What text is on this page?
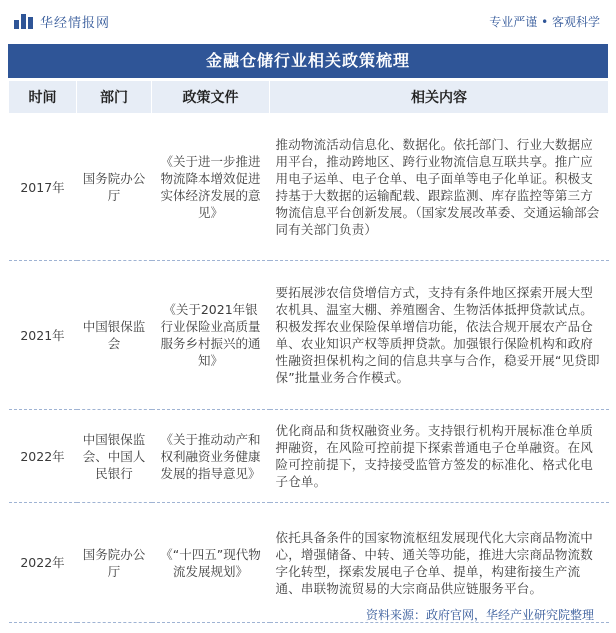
华经情报网	专业严谨 • 客观科学
金融仓储行业相关政策梳理
时间	部门	政策文件	相关内容
2017年	国务院办公厅	《关于进一步推进物流降本增效促进实体经济发展的意见》	推动物流活动信息化、数据化。依托部门、行业大数据应用平台，推动跨地区、跨行业物流信息互联共享。推广应用电子运单、电子仓单、电子面单等电子化单证。积极支持基于大数据的运输配载、跟踪监测、库存监控等第三方物流信息平台创新发展。（国家发展改革委、交通运输部会同有关部门负责）
2021年	中国银保监会	《关于2021年银行业保险业高质量服务乡村振兴的通知》	要拓展涉农信贷增信方式，支持有条件地区探索开展大型农机具、温室大棚、养殖圈舍、生物活体抵押贷款试点。积极发挥农业保险保单增信功能，依法合规开展农产品仓单、农业知识产权等质押贷款。加强银行保险机构和政府性融资担保机构之间的信息共享与合作，稳妥开展“见贷即保”批量业务合作模式。
2022年	中国银保监会、中国人民银行	《关于推动动产和权利融资业务健康发展的指导意见》	优化商品和货权融资业务。支持银行机构开展标准仓单质押融资，在风险可控前提下探索普通电子仓单融资。在风险可控前提下，支持接受监管方签发的标准化、格式化电子仓单。
2022年	国务院办公厅	《“十四五”现代物流发展规划》	依托具备条件的国家物流枢纽发展现代化大宗商品物流中心，增强储备、中转、通关等功能，推进大宗商品物流数字化转型，探索发展电子仓单、提单，构建衔接生产流通、串联物流贸易的大宗商品供应链服务平台。
资料来源：政府官网，华经产业研究院整理
